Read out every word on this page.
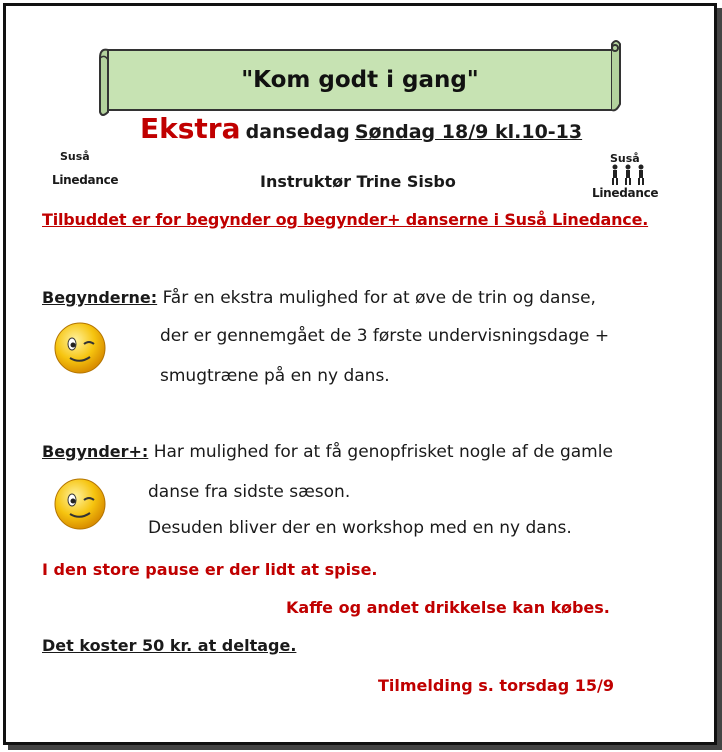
"Kom godt i gang"
Ekstra dansedag Søndag 18/9 kl.10-13
Suså
Linedance
Suså
Linedance
Instruktør Trine Sisbo
Tilbuddet er for begynder og begynder+ danserne i Suså Linedance.
Begynderne: Får en ekstra mulighed for at øve de trin og danse,
der er gennemgået de 3 første undervisningsdage +
smugtræne på en ny dans.
Begynder+: Har mulighed for at få genopfrisket nogle af de gamle
danse fra sidste sæson.
Desuden bliver der en workshop med en ny dans.
I den store pause er der lidt at spise.
Kaffe og andet drikkelse kan købes.
Det koster 50 kr. at deltage.
Tilmelding s. torsdag 15/9
